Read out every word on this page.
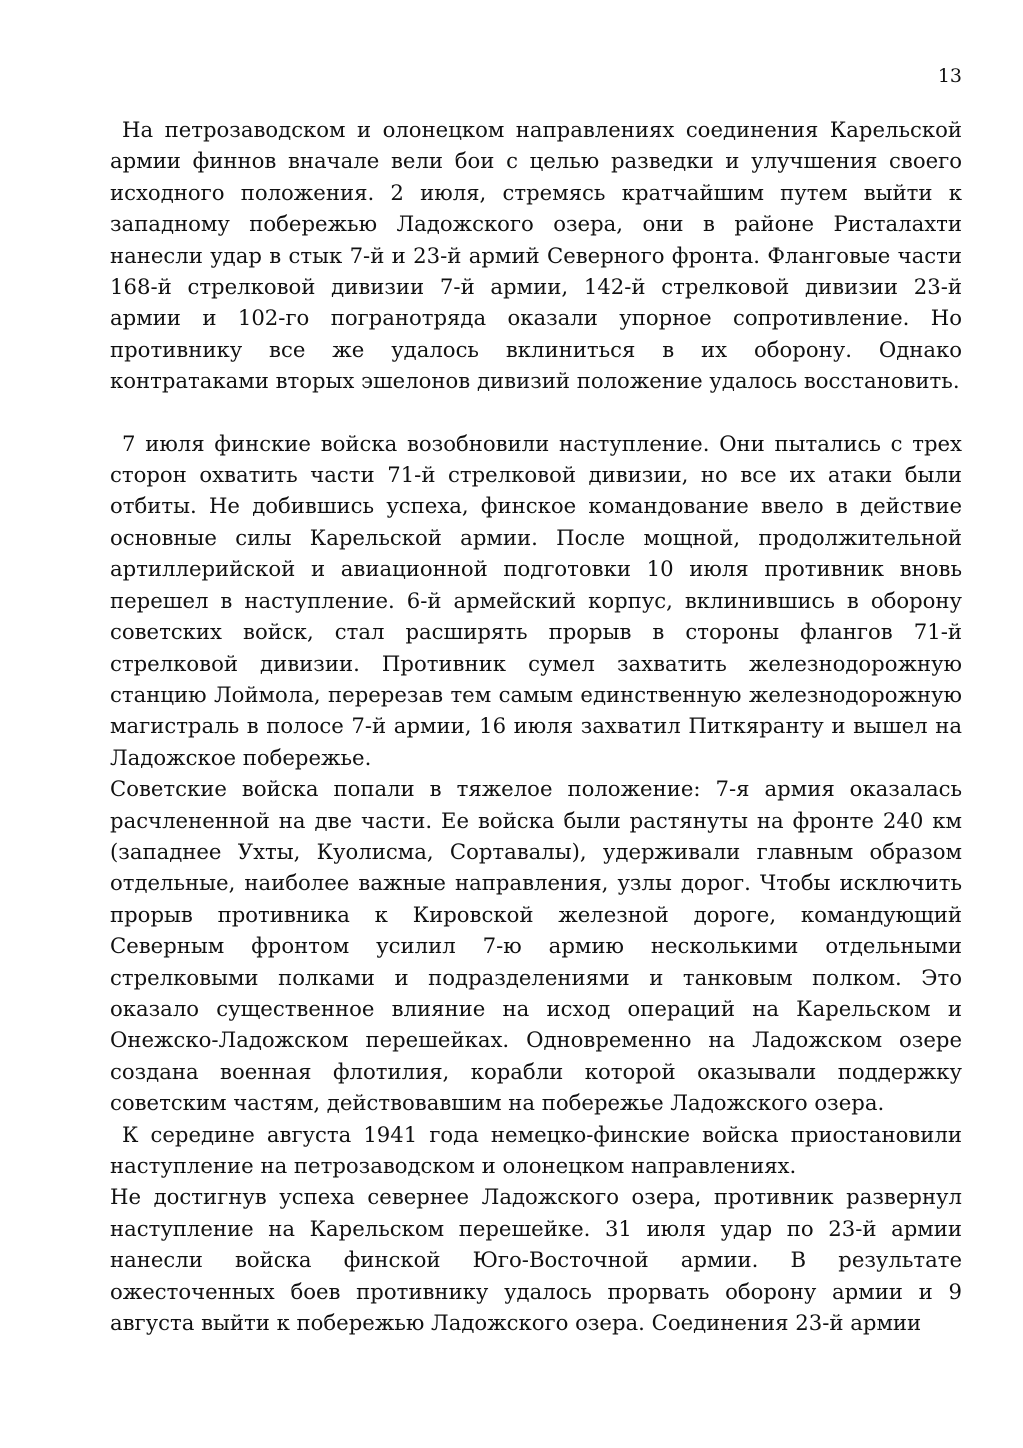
13

На петрозаводском и олонецком направлениях соединения Карельской армии финнов вначале вели бои с целью разведки и улучшения своего исходного положения. 2 июля, стремясь кратчайшим путем выйти к западному побережью Ладожского озера, они в районе Ристалахти нанесли удар в стык 7-й и 23-й армий Северного фронта. Фланговые части 168-й стрелковой дивизии 7-й армии, 142-й стрелковой дивизии 23-й армии и 102-го погранотряда оказали упорное сопротивление. Но противнику все же удалось вклиниться в их оборону. Однако контратаками вторых эшелонов дивизий положение удалось восстановить.

7 июля финские войска возобновили наступление. Они пытались с трех сторон охватить части 71-й стрелковой дивизии, но все их атаки были отбиты. Не добившись успеха, финское командование ввело в действие основные силы Карельской армии. После мощной, продолжительной артиллерийской и авиационной подготовки 10 июля противник вновь перешел в наступление. 6-й армейский корпус, вклинившись в оборону советских войск, стал расширять прорыв в стороны флангов 71-й стрелковой дивизии. Противник сумел захватить железнодорожную станцию Лоймола, перерезав тем самым единственную железнодорожную магистраль в полосе 7-й армии, 16 июля захватил Питкяранту и вышел на Ладожское побережье.

Советские войска попали в тяжелое положение: 7-я армия оказалась расчлененной на две части. Ее войска были растянуты на фронте 240 км (западнее Ухты, Куолисма, Сортавалы), удерживали главным образом отдельные, наиболее важные направления, узлы дорог. Чтобы исключить прорыв противника к Кировской железной дороге, командующий Северным фронтом усилил 7-ю армию несколькими отдельными стрелковыми полками и подразделениями и танковым полком. Это оказало существенное влияние на исход операций на Карельском и Онежско-Ладожском перешейках. Одновременно на Ладожском озере создана военная флотилия, корабли которой оказывали поддержку советским частям, действовавшим на побережье Ладожского озера.

К середине августа 1941 года немецко-финские войска приостановили наступление на петрозаводском и олонецком направлениях.

Не достигнув успеха севернее Ладожского озера, противник развернул наступление на Карельском перешейке. 31 июля удар по 23-й армии нанесли войска финской Юго-Восточной армии. В результате ожесточенных боев противнику удалось прорвать оборону армии и 9 августа выйти к побережью Ладожского озера. Соединения 23-й армии
